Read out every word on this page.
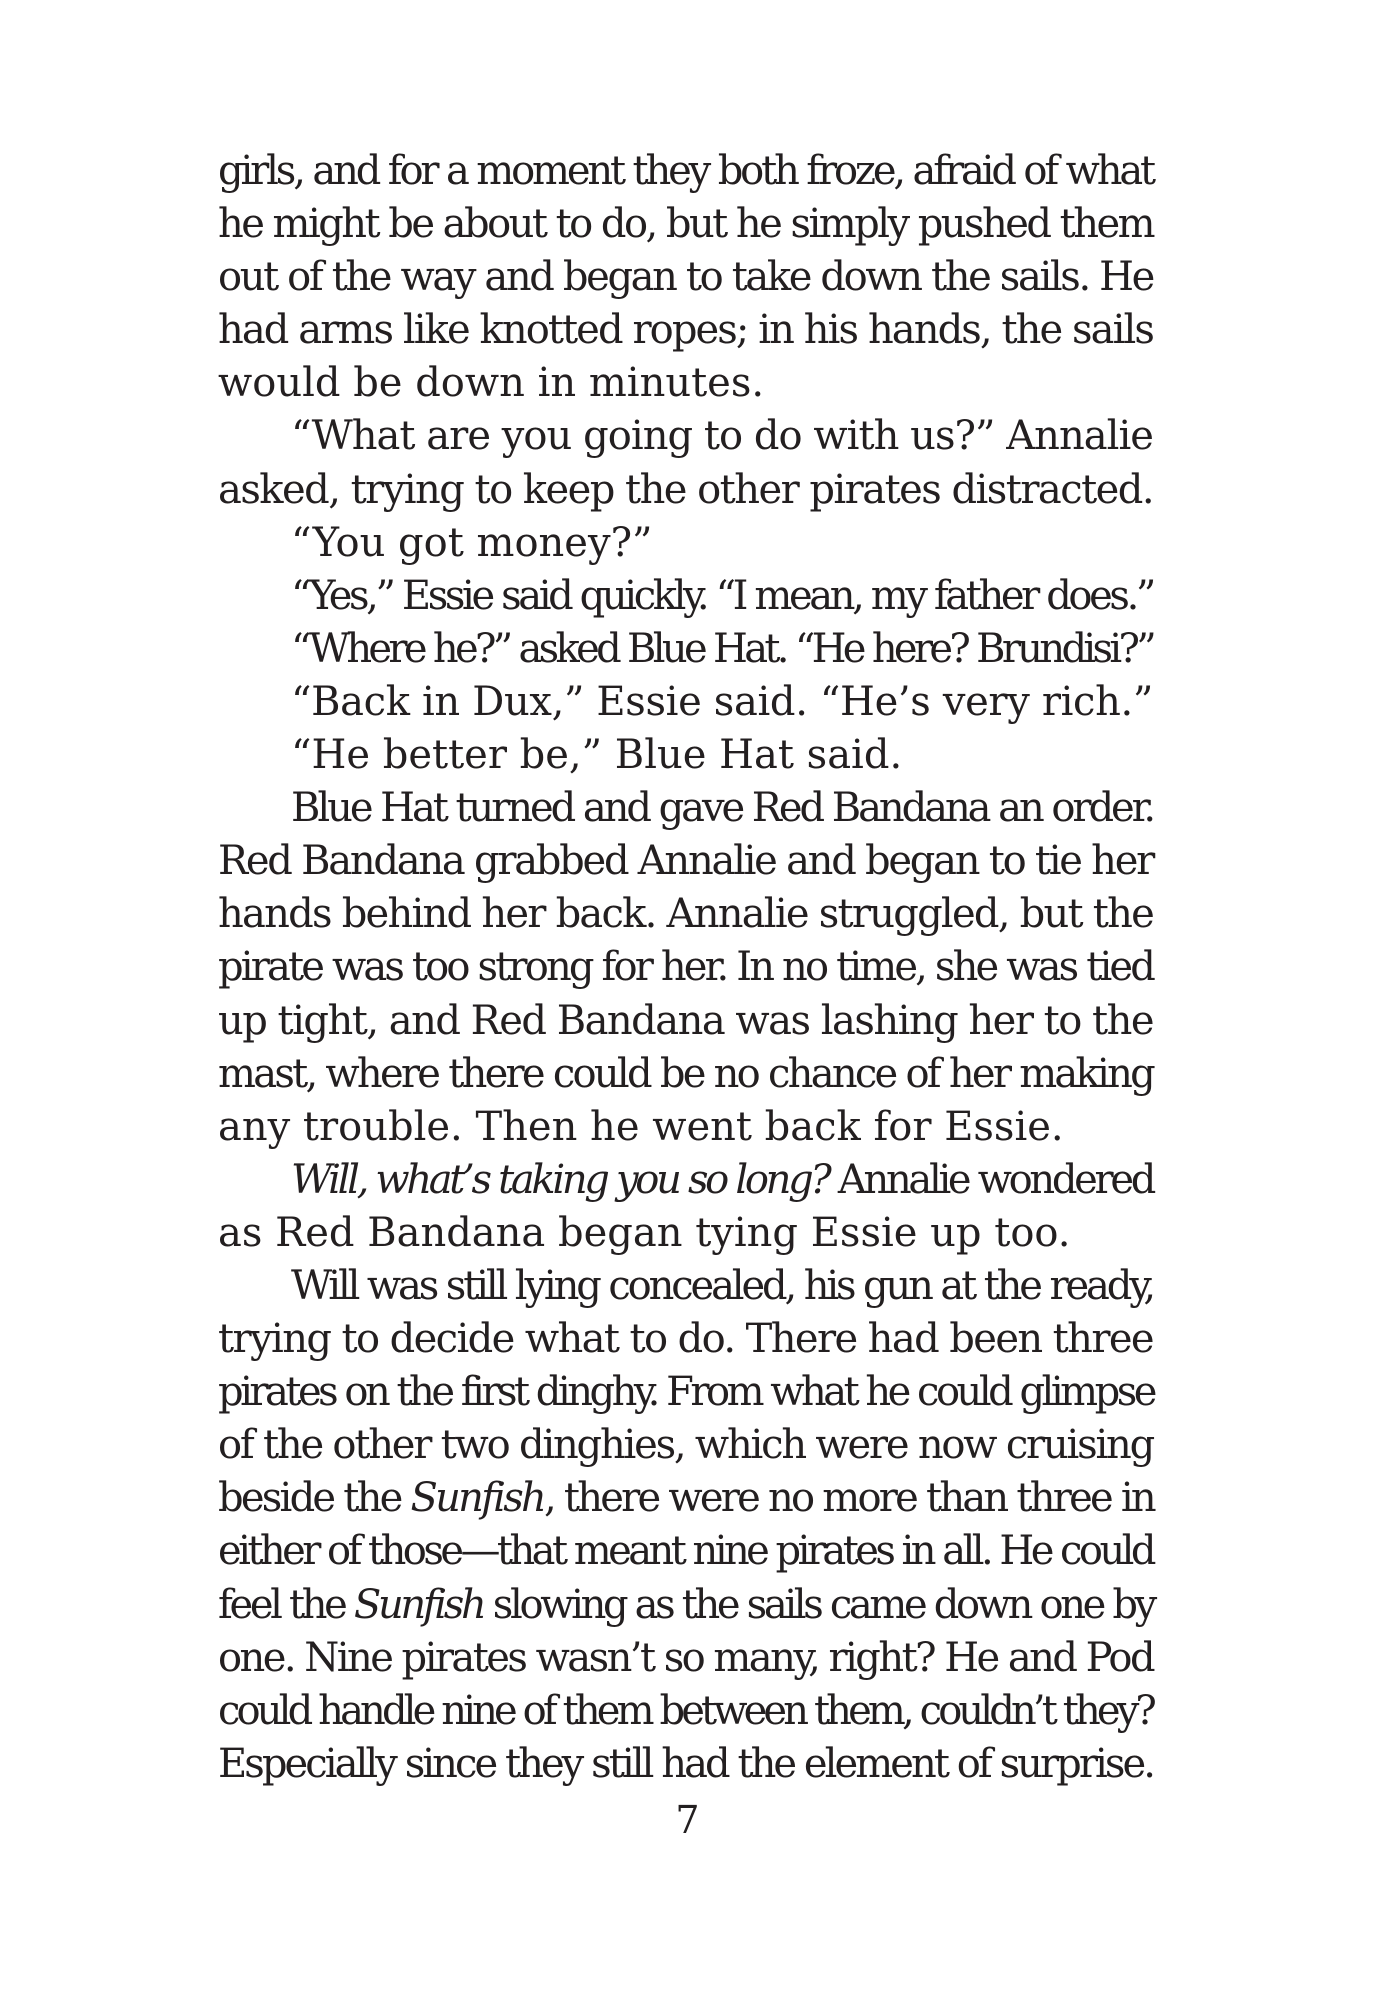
girls, and for a moment they both froze, afraid of what
he might be about to do, but he simply pushed them
out of the way and began to take down the sails. He
had arms like knotted ropes; in his hands, the sails
would be down in minutes.
“What are you going to do with us?” Annalie
asked, trying to keep the other pirates distracted.
“You got money?”
“Yes,” Essie said quickly. “I mean, my father does.”
“Where he?” asked Blue Hat. “He here? Brundisi?”
“Back in Dux,” Essie said. “He’s very rich.”
“He better be,” Blue Hat said.
Blue Hat turned and gave Red Bandana an order.
Red Bandana grabbed Annalie and began to tie her
hands behind her back. Annalie struggled, but the
pirate was too strong for her. In no time, she was tied
up tight, and Red Bandana was lashing her to the
mast, where there could be no chance of her making
any trouble. Then he went back for Essie.
Will, what’s taking you so long? Annalie wondered
as Red Bandana began tying Essie up too.
Will was still lying concealed, his gun at the ready,
trying to decide what to do. There had been three
pirates on the first dinghy. From what he could glimpse
of the other two dinghies, which were now cruising
beside the Sunfish, there were no more than three in
either of those—that meant nine pirates in all. He could
feel the Sunfish slowing as the sails came down one by
one. Nine pirates wasn’t so many, right? He and Pod
could handle nine of them between them, couldn’t they?
Especially since they still had the element of surprise.
7
